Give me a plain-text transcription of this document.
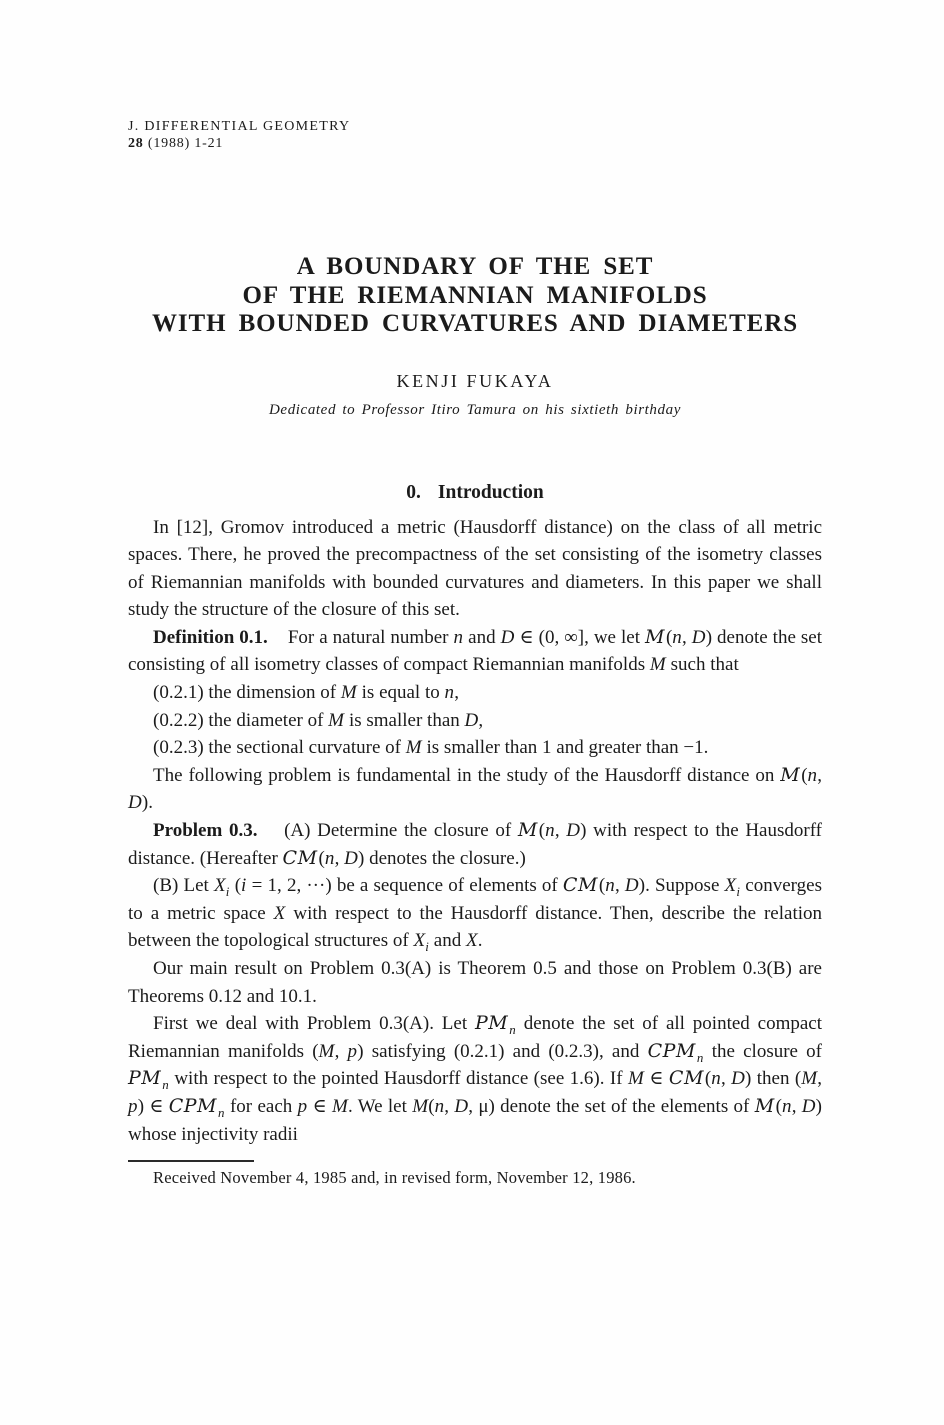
J. DIFFERENTIAL GEOMETRY
28 (1988) 1-21
A BOUNDARY OF THE SET
OF THE RIEMANNIAN MANIFOLDS
WITH BOUNDED CURVATURES AND DIAMETERS
KENJI FUKAYA
Dedicated to Professor Itiro Tamura on his sixtieth birthday
0. Introduction

In [12], Gromov introduced a metric (Hausdorff distance) on the class of all metric spaces. There, he proved the precompactness of the set consisting of the isometry classes of Riemannian manifolds with bounded curvatures and diameters. In this paper we shall study the structure of the closure of this set.

Definition 0.1.    For a natural number n and D ∈ (0, ∞], we let M(n, D) denote the set consisting of all isometry classes of compact Riemannian manifolds M such that

(0.2.1) the dimension of M is equal to n,

(0.2.2) the diameter of M is smaller than D,

(0.2.3) the sectional curvature of M is smaller than 1 and greater than −1.

The following problem is fundamental in the study of the Hausdorff distance on M(n, D).

Problem 0.3.    (A) Determine the closure of M(n, D) with respect to the Hausdorff distance. (Hereafter CM(n, D) denotes the closure.)

(B) Let $X_i$ (i = 1, 2, ···) be a sequence of elements of CM(n, D). Suppose $X_i$ converges to a metric space X with respect to the Hausdorff distance. Then, describe the relation between the topological structures of $X_i$ and X.

Our main result on Problem 0.3(A) is Theorem 0.5 and those on Problem 0.3(B) are Theorems 0.12 and 10.1.

First we deal with Problem 0.3(A). Let $PM_n$ denote the set of all pointed compact Riemannian manifolds (M, p) satisfying (0.2.1) and (0.2.3), and $CPM_n$ the closure of $PM_n$ with respect to the pointed Hausdorff distance (see 1.6). If M ∈ CM(n, D) then (M, p) ∈ $CPM_n$ for each p ∈ M. We let M(n, D, μ) denote the set of the elements of M(n, D) whose injectivity radii

Received November 4, 1985 and, in revised form, November 12, 1986.
